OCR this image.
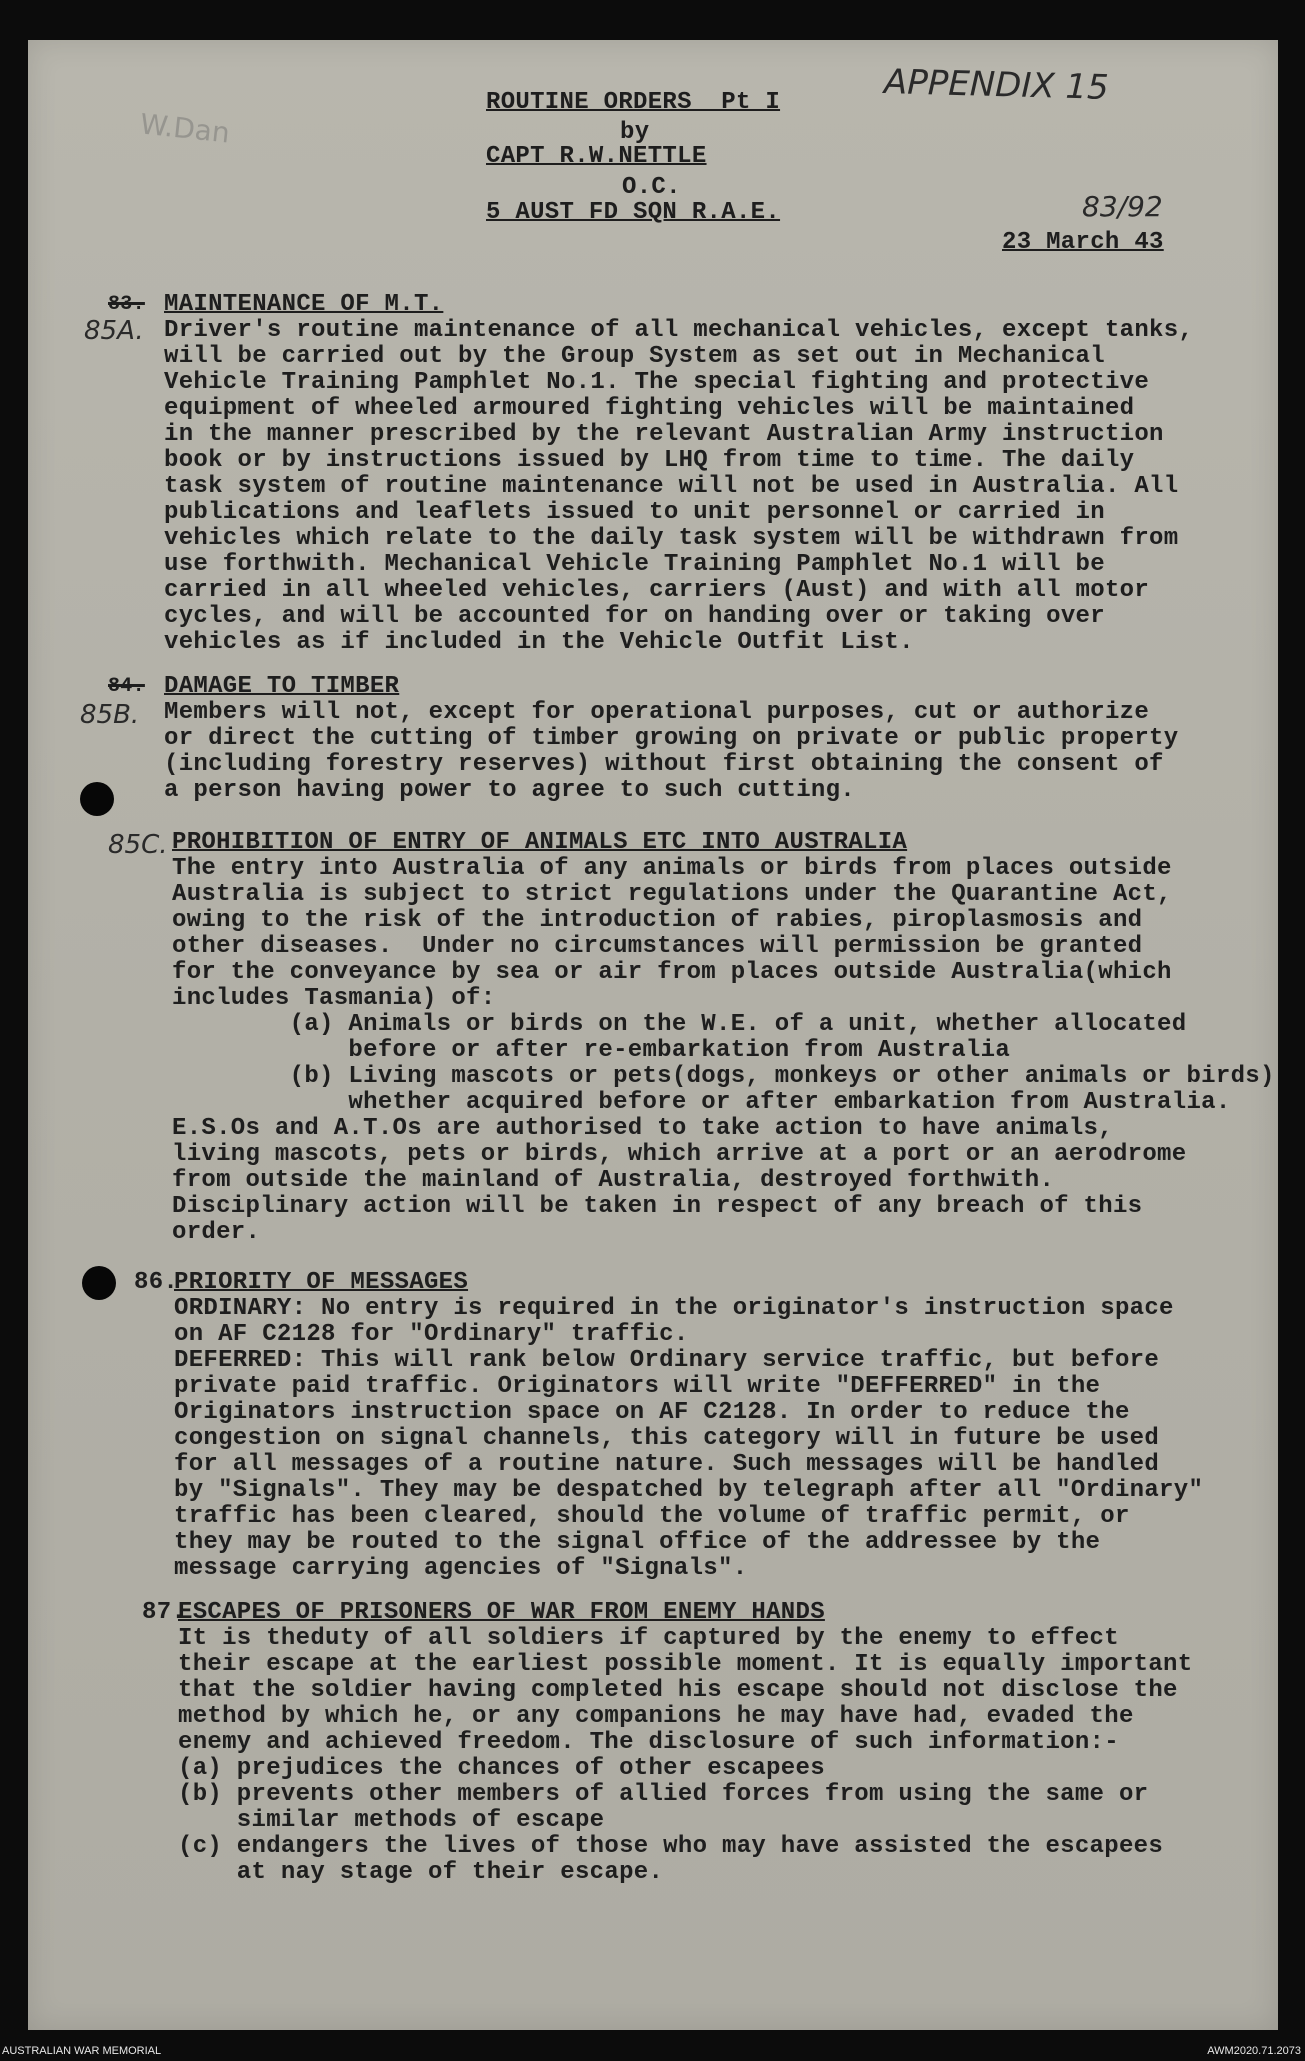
APPENDIX 15
W.Dan
ROUTINE ORDERS  Pt I
by
CAPT R.W.NETTLE
O.C.
5 AUST FD SQN R.A.E.	83/92
23 March 43
83.
85A.
MAINTENANCE OF M.T.
Driver's routine maintenance of all mechanical vehicles, except tanks,
will be carried out by the Group System as set out in Mechanical
Vehicle Training Pamphlet No.1. The special fighting and protective
equipment of wheeled armoured fighting vehicles will be maintained
in the manner prescribed by the relevant Australian Army instruction
book or by instructions issued by LHQ from time to time. The daily
task system of routine maintenance will not be used in Australia. All
publications and leaflets issued to unit personnel or carried in
vehicles which relate to the daily task system will be withdrawn from
use forthwith. Mechanical Vehicle Training Pamphlet No.1 will be
carried in all wheeled vehicles, carriers (Aust) and with all motor
cycles, and will be accounted for on handing over or taking over
vehicles as if included in the Vehicle Outfit List.
84.
85B.
DAMAGE TO TIMBER
Members will not, except for operational purposes, cut or authorize
or direct the cutting of timber growing on private or public property
(including forestry reserves) without first obtaining the consent of
a person having power to agree to such cutting.
85C. PROHIBITION OF ENTRY OF ANIMALS ETC INTO AUSTRALIA
The entry into Australia of any animals or birds from places outside
Australia is subject to strict regulations under the Quarantine Act,
owing to the risk of the introduction of rabies, piroplasmosis and
other diseases.  Under no circumstances will permission be granted
for the conveyance by sea or air from places outside Australia(which
includes Tasmania) of:
(a) Animals or birds on the W.E. of a unit, whether allocated
before or after re-embarkation from Australia
(b) Living mascots or pets(dogs, monkeys or other animals or birds)
whether acquired before or after embarkation from Australia.
E.S.Os and A.T.Os are authorised to take action to have animals,
living mascots, pets or birds, which arrive at a port or an aerodrome
from outside the mainland of Australia, destroyed forthwith.
Disciplinary action will be taken in respect of any breach of this
order.
86.
PRIORITY OF MESSAGES
ORDINARY: No entry is required in the originator's instruction space
on AF C2128 for "Ordinary" traffic.
DEFERRED: This will rank below Ordinary service traffic, but before
private paid traffic. Originators will write "DEFFERRED" in the
Originators instruction space on AF C2128. In order to reduce the
congestion on signal channels, this category will in future be used
for all messages of a routine nature. Such messages will be handled
by "Signals". They may be despatched by telegraph after all "Ordinary"
traffic has been cleared, should the volume of traffic permit, or
they may be routed to the signal office of the addressee by the
message carrying agencies of "Signals".
87.
ESCAPES OF PRISONERS OF WAR FROM ENEMY HANDS
It is theduty of all soldiers if captured by the enemy to effect
their escape at the earliest possible moment. It is equally important
that the soldier having completed his escape should not disclose the
method by which he, or any companions he may have had, evaded the
enemy and achieved freedom. The disclosure of such information:-
(a) prejudices the chances of other escapees
(b) prevents other members of allied forces from using the same or
similar methods of escape
(c) endangers the lives of those who may have assisted the escapees
at nay stage of their escape.
AUSTRALIAN WAR MEMORIAL	AWM2020.71.2073
